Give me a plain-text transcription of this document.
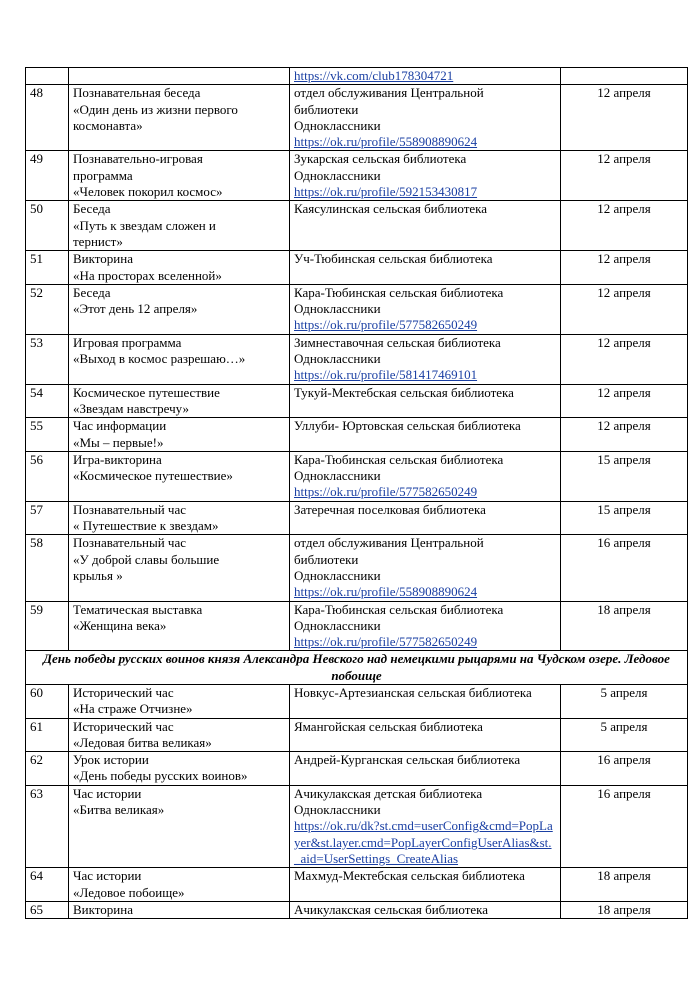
		https://vk.com/club178304721	

48	Познавательная беседа
«Один день из жизни первого
космонавта»	отдел обслуживания Центральной
библиотеки
Одноклассники
https://ok.ru/profile/558908890624	12 апреля
49	Познавательно-игровая
программа
«Человек покорил космос»	Зукарская сельская библиотека
Одноклассники
https://ok.ru/profile/592153430817	12 апреля
50	Беседа
«Путь к звездам сложен и
тернист»	Каясулинская сельская библиотека	12 апреля
51	Викторина
«На просторах вселенной»	Уч-Тюбинская сельская библиотека	12 апреля
52	Беседа
«Этот день 12 апреля»	Кара-Тюбинская сельская библиотека
Одноклассники
https://ok.ru/profile/577582650249	12 апреля
53	Игровая программа
«Выход в космос разрешаю…»	Зимнеставочная сельская библиотека
Одноклассники
https://ok.ru/profile/581417469101	12 апреля
54	Космическое путешествие
«Звездам навстречу»	Тукуй-Мектебская сельская библиотека	12 апреля
55	Час информации
«Мы – первые!»	Уллуби- Юртовская сельская библиотека	12 апреля
56	Игра-викторина
«Космическое путешествие»	Кара-Тюбинская сельская библиотека
Одноклассники
https://ok.ru/profile/577582650249	15 апреля
57	Познавательный час
« Путешествие к звездам»	Затеречная поселковая библиотека	15 апреля
58	Познавательный час
«У доброй славы большие
крылья »	отдел обслуживания Центральной
библиотеки
Одноклассники
https://ok.ru/profile/558908890624	16 апреля
59	Тематическая выставка
«Женщина века»	Кара-Тюбинская сельская библиотека
Одноклассники
https://ok.ru/profile/577582650249	18 апреля
День победы русских воинов князя Александра Невского над немецкими рыцарями на Чудском озере. Ледовое побоище			
60	Исторический час
«На страже Отчизне»	Новкус-Артезианская сельская библиотека	5 апреля
61	Исторический час
«Ледовая битва великая»	Ямангойская сельская библиотека	5 апреля
62	Урок истории
«День победы русских воинов»	Андрей-Курганская сельская библиотека	16 апреля
63	Час истории
«Битва великая»	Ачикулакская детская библиотека
Одноклассники
https://ok.ru/dk?st.cmd=userConfig&cmd=PopLayer&st.layer.cmd=PopLayerConfigUserAlias&st._aid=UserSettings_CreateAlias	16 апреля
64	Час истории
«Ледовое побоище»	Махмуд-Мектебская сельская библиотека	18 апреля
65	Викторина	Ачикулакская сельская библиотека	18 апреля
